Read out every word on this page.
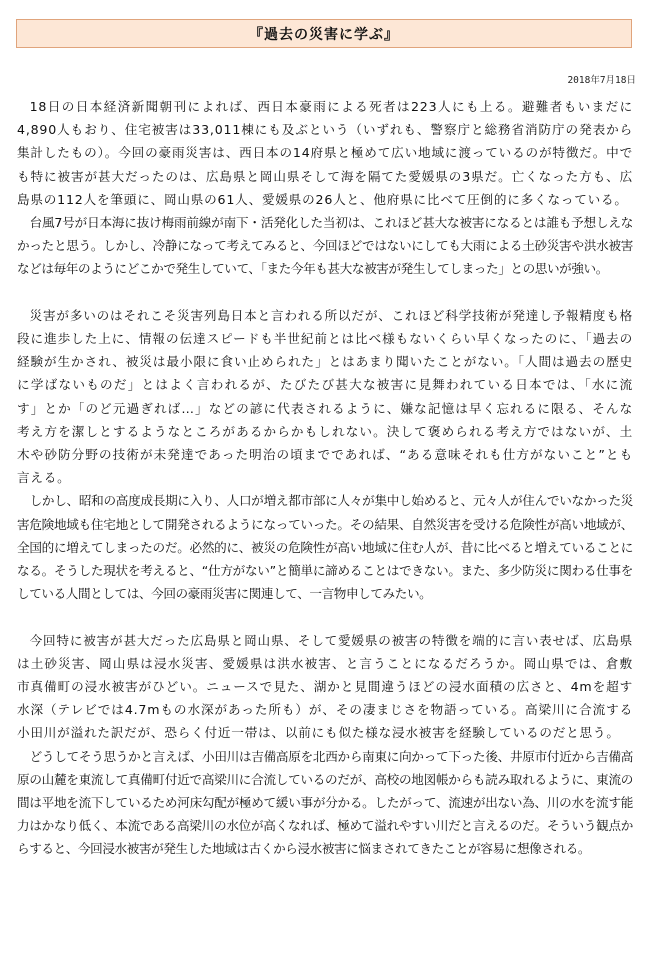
『過去の災害に学ぶ』
2018年7月18日

18日の日本経済新聞朝刊によれば、西日本豪雨による死者は223人にも上る。避難者もいまだに4,890人もおり、住宅被害は33,011棟にも及ぶという（いずれも、警察庁と総務省消防庁の発表から集計したもの）。今回の豪雨災害は、西日本の14府県と極めて広い地域に渡っているのが特徴だ。中でも特に被害が甚大だったのは、広島県と岡山県そして海を隔てた愛媛県の3県だ。亡くなった方も、広島県の112人を筆頭に、岡山県の61人、愛媛県の26人と、他府県に比べて圧倒的に多くなっている。

台風7号が日本海に抜け梅雨前線が南下・活発化した当初は、これほど甚大な被害になるとは誰も予想しえなかったと思う。しかし、冷静になって考えてみると、今回ほどではないにしても大雨による土砂災害や洪水被害などは毎年のようにどこかで発生していて、「また今年も甚大な被害が発生してしまった」との思いが強い。

災害が多いのはそれこそ災害列島日本と言われる所以だが、これほど科学技術が発達し予報精度も格段に進歩した上に、情報の伝達スピードも半世紀前とは比べ様もないくらい早くなったのに、「過去の経験が生かされ、被災は最小限に食い止められた」とはあまり聞いたことがない。「人間は過去の歴史に学ばないものだ」とはよく言われるが、たびたび甚大な被害に見舞われている日本では、「水に流す」とか「のど元過ぎれば…」などの諺に代表されるように、嫌な記憶は早く忘れるに限る、そんな考え方を潔しとするようなところがあるからかもしれない。決して褒められる考え方ではないが、土木や砂防分野の技術が未発達であった明治の頃までであれば、“ある意味それも仕方がないこと”とも言える。

しかし、昭和の高度成長期に入り、人口が増え都市部に人々が集中し始めると、元々人が住んでいなかった災害危険地域も住宅地として開発されるようになっていった。その結果、自然災害を受ける危険性が高い地域が、全国的に増えてしまったのだ。必然的に、被災の危険性が高い地域に住む人が、昔に比べると増えていることになる。そうした現状を考えると、“仕方がない”と簡単に諦めることはできない。また、多少防災に関わる仕事をしている人間としては、今回の豪雨災害に関連して、一言物申してみたい。

今回特に被害が甚大だった広島県と岡山県、そして愛媛県の被害の特徴を端的に言い表せば、広島県は土砂災害、岡山県は浸水災害、愛媛県は洪水被害、と言うことになるだろうか。岡山県では、倉敷市真備町の浸水被害がひどい。ニュースで見た、湖かと見間違うほどの浸水面積の広さと、4mを超す水深（テレビでは4.7mもの水深があった所も）が、その凄まじさを物語っている。高梁川に合流する小田川が溢れた訳だが、恐らく付近一帯は、以前にも似た様な浸水被害を経験しているのだと思う。

どうしてそう思うかと言えば、小田川は吉備高原を北西から南東に向かって下った後、井原市付近から吉備高原の山麓を東流して真備町付近で高梁川に合流しているのだが、高校の地図帳からも読み取れるように、東流の間は平地を流下しているため河床勾配が極めて緩い事が分かる。したがって、流速が出ない為、川の水を流す能力はかなり低く、本流である高梁川の水位が高くなれば、極めて溢れやすい川だと言えるのだ。そういう観点からすると、今回浸水被害が発生した地域は古くから浸水被害に悩まされてきたことが容易に想像される。
